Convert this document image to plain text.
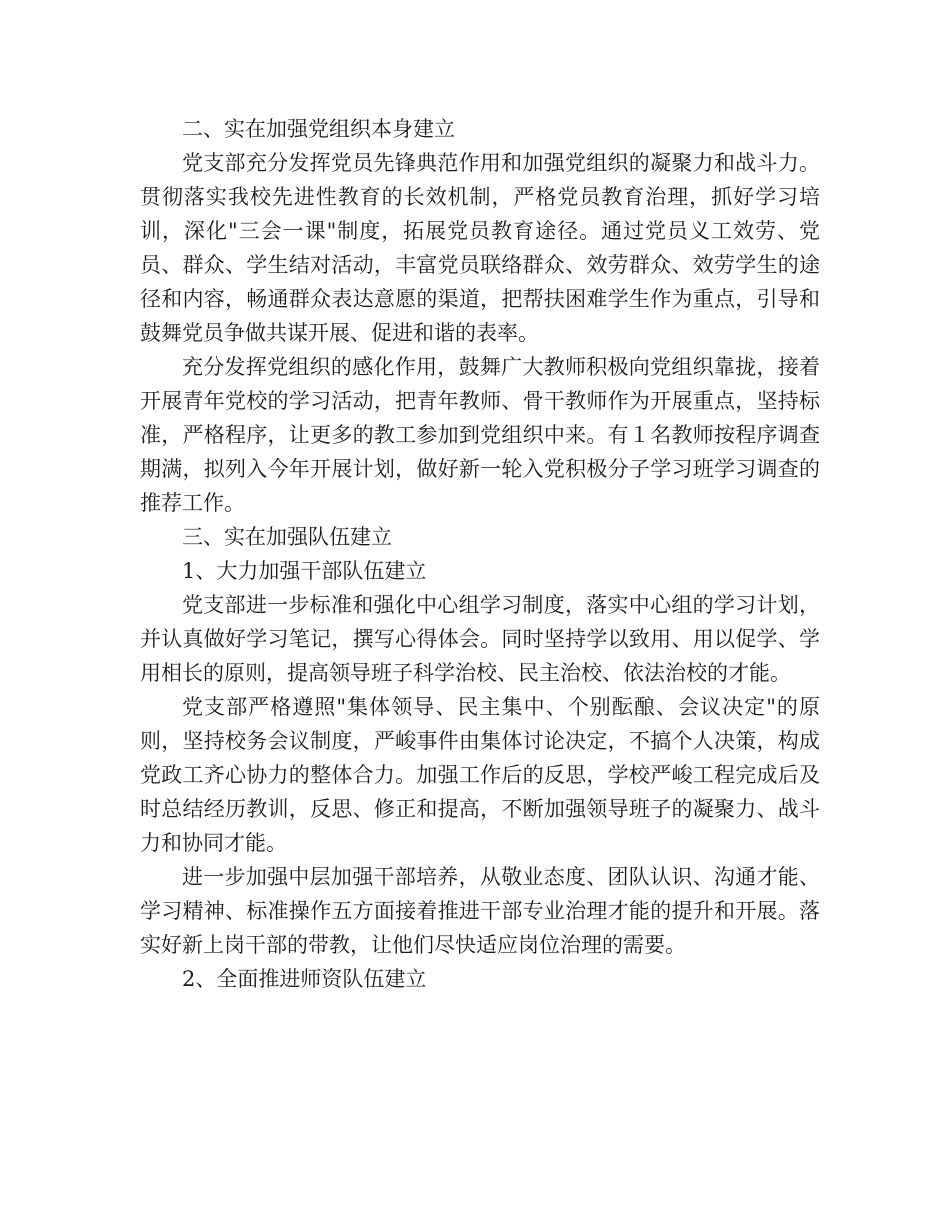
二、实在加强党组织本身建立

党支部充分发挥党员先锋典范作用和加强党组织的凝聚力和战斗力。贯彻落实我校先进性教育的长效机制，严格党员教育治理，抓好学习培训，深化"三会一课"制度，拓展党员教育途径。通过党员义工效劳、党员、群众、学生结对活动，丰富党员联络群众、效劳群众、效劳学生的途径和内容，畅通群众表达意愿的渠道，把帮扶困难学生作为重点，引导和鼓舞党员争做共谋开展、促进和谐的表率。

充分发挥党组织的感化作用，鼓舞广大教师积极向党组织靠拢，接着开展青年党校的学习活动，把青年教师、骨干教师作为开展重点，坚持标准，严格程序，让更多的教工参加到党组织中来。有１名教师按程序调查期满，拟列入今年开展计划，做好新一轮入党积极分子学习班学习调查的推荐工作。

三、实在加强队伍建立

1、大力加强干部队伍建立

党支部进一步标准和强化中心组学习制度，落实中心组的学习计划，并认真做好学习笔记，撰写心得体会。同时坚持学以致用、用以促学、学用相长的原则，提高领导班子科学治校、民主治校、依法治校的才能。

党支部严格遵照"集体领导、民主集中、个别酝酿、会议决定"的原则，坚持校务会议制度，严峻事件由集体讨论决定，不搞个人决策，构成党政工齐心协力的整体合力。加强工作后的反思，学校严峻工程完成后及时总结经历教训，反思、修正和提高，不断加强领导班子的凝聚力、战斗力和协同才能。

进一步加强中层加强干部培养，从敬业态度、团队认识、沟通才能、学习精神、标准操作五方面接着推进干部专业治理才能的提升和开展。落实好新上岗干部的带教，让他们尽快适应岗位治理的需要。

2、全面推进师资队伍建立
